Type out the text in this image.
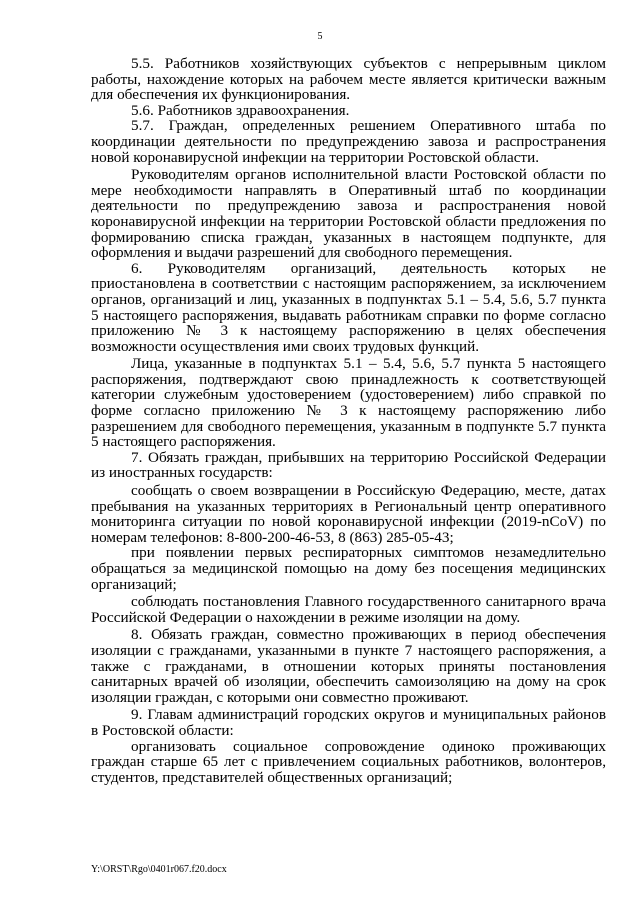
5

5.5. Работников хозяйствующих субъектов с непрерывным циклом работы, нахождение которых на рабочем месте является критически важным для обеспечения их функционирования.

5.6. Работников здравоохранения.

5.7. Граждан, определенных решением Оперативного штаба по координации деятельности по предупреждению завоза и распространения новой коронавирусной инфекции на территории Ростовской области.

Руководителям органов исполнительной власти Ростовской области по мере необходимости направлять в Оперативный штаб по координации деятельности по предупреждению завоза и распространения новой коронавирусной инфекции на территории Ростовской области предложения по формированию списка граждан, указанных в настоящем подпункте, для оформления и выдачи разрешений для свободного перемещения.

6. Руководителям организаций, деятельность которых не приостановлена в соответствии с настоящим распоряжением, за исключением органов, организаций и лиц, указанных в подпунктах 5.1 – 5.4, 5.6, 5.7 пункта 5 настоящего распоряжения, выдавать работникам справки по форме согласно приложению № 3 к настоящему распоряжению в целях обеспечения возможности осуществления ими своих трудовых функций.

Лица, указанные в подпунктах 5.1 – 5.4, 5.6, 5.7 пункта 5 настоящего распоряжения, подтверждают свою принадлежность к соответствующей категории служебным удостоверением (удостоверением) либо справкой по форме согласно приложению № 3 к настоящему распоряжению либо разрешением для свободного перемещения, указанным в подпункте 5.7 пункта 5 настоящего распоряжения.

7. Обязать граждан, прибывших на территорию Российской Федерации из иностранных государств:

сообщать о своем возвращении в Российскую Федерацию, месте, датах пребывания на указанных территориях в Региональный центр оперативного мониторинга ситуации по новой коронавирусной инфекции (2019-nCoV) по номерам телефонов: 8-800-200-46-53, 8 (863) 285-05-43;

при появлении первых респираторных симптомов незамедлительно обращаться за медицинской помощью на дому без посещения медицинских организаций;

соблюдать постановления Главного государственного санитарного врача Российской Федерации о нахождении в режиме изоляции на дому.

8. Обязать граждан, совместно проживающих в период обеспечения изоляции с гражданами, указанными в пункте 7 настоящего распоряжения, а также с гражданами, в отношении которых приняты постановления санитарных врачей об изоляции, обеспечить самоизоляцию на дому на срок изоляции граждан, с которыми они совместно проживают.

9. Главам администраций городских округов и муниципальных районов в Ростовской области:

организовать социальное сопровождение одиноко проживающих граждан старше 65 лет с привлечением социальных работников, волонтеров, студентов, представителей общественных организаций;

Y:\ORST\Rgo\0401r067.f20.docx
